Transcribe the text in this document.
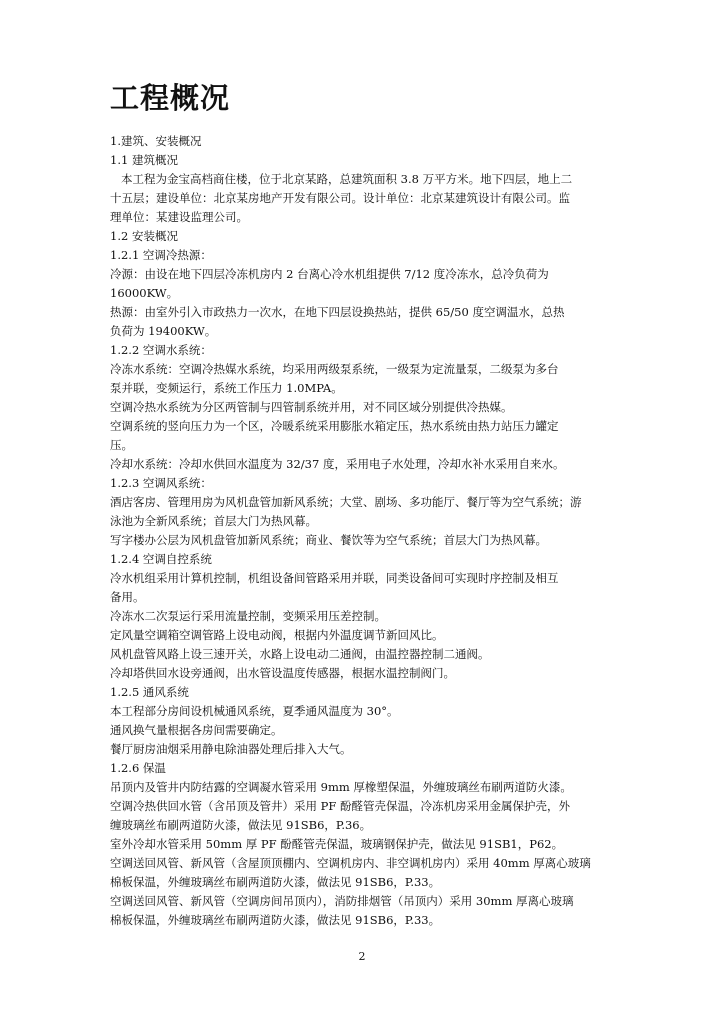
工程概况
1.建筑、安装概况
1.1 建筑概况
本工程为金宝高档商住楼，位于北京某路，总建筑面积 3.8 万平方米。地下四层，地上二
十五层；建设单位：北京某房地产开发有限公司。设计单位：北京某建筑设计有限公司。监
理单位：某建设监理公司。
1.2 安装概况
1.2.1 空调冷热源：
冷源：由设在地下四层冷冻机房内 2 台离心冷水机组提供 7/12 度冷冻水，总冷负荷为
16000KW。
热源：由室外引入市政热力一次水，在地下四层设换热站，提供 65/50 度空调温水，总热
负荷为 19400KW。
1.2.2 空调水系统：
冷冻水系统：空调冷热媒水系统，均采用两级泵系统，一级泵为定流量泵，二级泵为多台
泵并联，变频运行，系统工作压力 1.0MPA。
空调冷热水系统为分区两管制与四管制系统并用，对不同区域分别提供冷热媒。
空调系统的竖向压力为一个区，冷暖系统采用膨胀水箱定压，热水系统由热力站压力罐定
压。
冷却水系统：冷却水供回水温度为 32/37 度，采用电子水处理，冷却水补水采用自来水。
1.2.3 空调风系统：
酒店客房、管理用房为风机盘管加新风系统；大堂、剧场、多功能厅、餐厅等为空气系统；游
泳池为全新风系统；首层大门为热风幕。
写字楼办公层为风机盘管加新风系统；商业、餐饮等为空气系统；首层大门为热风幕。
1.2.4 空调自控系统
冷水机组采用计算机控制，机组设备间管路采用并联，同类设备间可实现时序控制及相互
备用。
冷冻水二次泵运行采用流量控制，变频采用压差控制。
定风量空调箱空调管路上设电动阀，根据内外温度调节新回风比。
风机盘管风路上设三速开关，水路上设电动二通阀，由温控器控制二通阀。
冷却塔供回水设旁通阀，出水管设温度传感器，根据水温控制阀门。
1.2.5 通风系统
本工程部分房间设机械通风系统，夏季通风温度为 30°。
通风换气量根据各房间需要确定。
餐厅厨房油烟采用静电除油器处理后排入大气。
1.2.6 保温
吊顶内及管井内防结露的空调凝水管采用 9mm 厚橡塑保温，外缠玻璃丝布刷两道防火漆。
空调冷热供回水管（含吊顶及管井）采用 PF 酚醛管壳保温，冷冻机房采用金属保护壳，外
缠玻璃丝布刷两道防火漆，做法见 91SB6，P.36。
室外冷却水管采用 50mm 厚 PF 酚醛管壳保温，玻璃钢保护壳，做法见 91SB1，P62。
空调送回风管、新风管（含屋顶顶棚内、空调机房内、非空调机房内）采用 40mm 厚离心玻璃
棉板保温，外缠玻璃丝布刷两道防火漆，做法见 91SB6，P.33。
空调送回风管、新风管（空调房间吊顶内），消防排烟管（吊顶内）采用 30mm 厚离心玻璃
棉板保温，外缠玻璃丝布刷两道防火漆，做法见 91SB6，P.33。
2
